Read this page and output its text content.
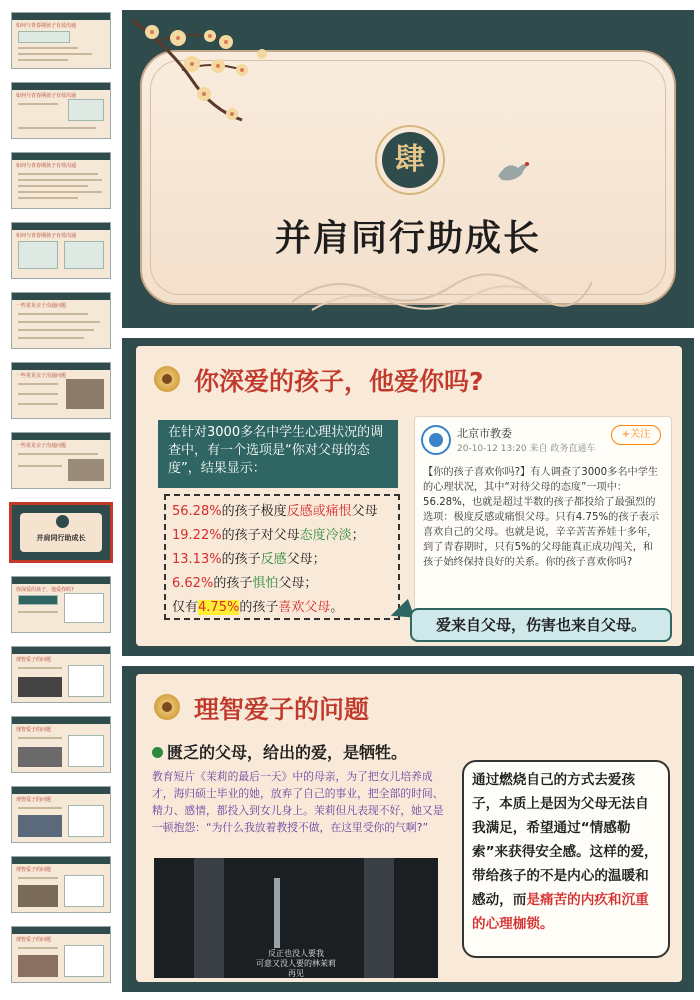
如何与青春期孩子有效沟通
如何与青春期孩子有效沟通
如何与青春期孩子有效沟通
如何与青春期孩子有效沟通
一些常见亲子沟通问题
一些常见亲子沟通问题
一些常见亲子沟通问题
并肩同行助成长
你深爱的孩子，他爱你吗?
理智爱子的问题
理智爱子的问题
理智爱子的问题
理智爱子的问题
理智爱子的问题
肆
并肩同行助成长
你深爱的孩子，他爱你吗?
在针对3000多名中学生心理状况的调查中，有一个选项是“你对父母的态度”，结果显示：
56.28%的孩子极度反感或痛恨父母
19.22%的孩子对父母态度冷淡；
13.13%的孩子反感父母；
6.62%的孩子惧怕父母；
仅有4.75%的孩子喜欢父母。
北京市教委
20-10-12 13:20 来自 政务直通车
+关注
【你的孩子喜欢你吗?】有人调查了3000多名中学生的心理状况，其中“对待父母的态度”一项中：56.28%，也就是超过半数的孩子都投给了最强烈的选项：极度反感或痛恨父母。只有4.75%的孩子表示喜欢自己的父母。也就是说，辛辛苦苦养娃十多年，到了青春期时，只有5%的父母能真正成功闯关，和孩子始终保持良好的关系。你的孩子喜欢你吗?
爱来自父母，伤害也来自父母。
理智爱子的问题
匮乏的父母，给出的爱，是牺牲。
教育短片《茉莉的最后一天》中的母亲，为了把女儿培养成才，海归硕士毕业的她，放弃了自己的事业，把全部的时间、精力、感情，都投入到女儿身上。茉莉但凡表现不好，她又是一顿抱怨：“为什么我放着教授不做，在这里受你的气啊?”
反正也没人要我
可意又没人要的林茉莉
再见
通过燃烧自己的方式去爱孩子，本质上是因为父母无法自我满足，希望通过“情感勒索”来获得安全感。这样的爱，带给孩子的不是内心的温暖和感动，而是痛苦的内疚和沉重的心理枷锁。
